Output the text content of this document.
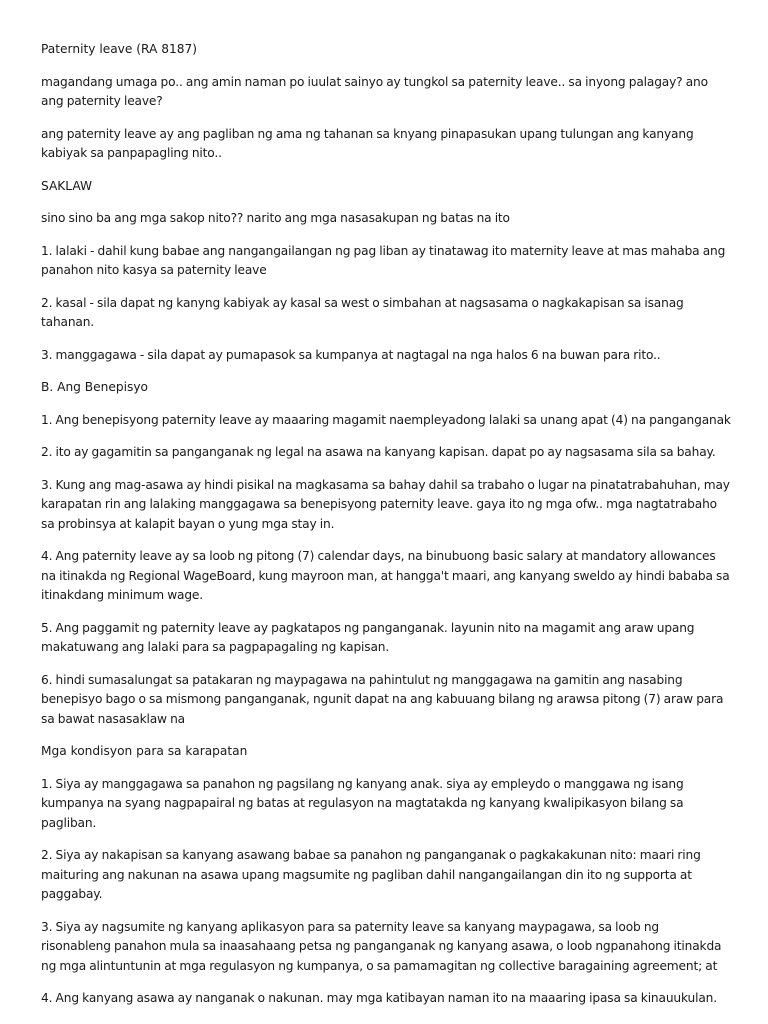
Paternity leave (RA 8187)

magandang umaga po.. ang amin naman po iuulat sainyo ay tungkol sa paternity leave.. sa inyong palagay? ano ang paternity leave?

ang paternity leave ay ang pagliban ng ama ng tahanan sa knyang pinapasukan upang tulungan ang kanyang kabiyak sa panpapagling nito..

SAKLAW

sino sino ba ang mga sakop nito?? narito ang mga nasasakupan ng batas na ito

1. lalaki - dahil kung babae ang nangangailangan ng pag liban ay tinatawag ito maternity leave at mas mahaba ang panahon nito kasya sa paternity leave

2. kasal - sila dapat ng kanyng kabiyak ay kasal sa west o simbahan at nagsasama o nagkakapisan sa isanag tahanan.

3. manggagawa - sila dapat ay pumapasok sa kumpanya at nagtagal na nga halos 6 na buwan para rito..

B. Ang Benepisyo

1. Ang benepisyong paternity leave ay maaaring magamit naempleyadong lalaki sa unang apat (4) na panganganak

2. ito ay gagamitin sa panganganak ng legal na asawa na kanyang kapisan. dapat po ay nagsasama sila sa bahay.

3. Kung ang mag-asawa ay hindi pisikal na magkasama sa bahay dahil sa trabaho o lugar na pinatatrabahuhan, may karapatan rin ang lalaking manggagawa sa benepisyong paternity leave. gaya ito ng mga ofw.. mga nagtatrabaho sa probinsya at kalapit bayan o yung mga stay in.

4. Ang paternity leave ay sa loob ng pitong (7) calendar days, na binubuong basic salary at mandatory allowances na itinakda ng Regional WageBoard, kung mayroon man, at hangga't maari, ang kanyang sweldo ay hindi bababa sa itinakdang minimum wage.

5. Ang paggamit ng paternity leave ay pagkatapos ng panganganak. layunin nito na magamit ang araw upang makatuwang ang lalaki para sa pagpapagaling ng kapisan.

6. hindi sumasalungat sa patakaran ng maypagawa na pahintulut ng manggagawa na gamitin ang nasabing benepisyo bago o sa mismong panganganak, ngunit dapat na ang kabuuang bilang ng arawsa pitong (7) araw para sa bawat nasasaklaw na

Mga kondisyon para sa karapatan

1. Siya ay manggagawa sa panahon ng pagsilang ng kanyang anak. siya ay empleydo o manggawa ng isang kumpanya na syang nagpapairal ng batas at regulasyon na magtatakda ng kanyang kwalipikasyon bilang sa pagliban.

2. Siya ay nakapisan sa kanyang asawang babae sa panahon ng panganganak o pagkakakunan nito: maari ring maituring ang nakunan na asawa upang magsumite ng pagliban dahil nangangailangan din ito ng supporta at paggabay.

3. Siya ay nagsumite ng kanyang aplikasyon para sa paternity leave sa kanyang maypagawa, sa loob ng risonableng panahon mula sa inaasahaang petsa ng panganganak ng kanyang asawa, o loob ngpanahong itinakda ng mga alintuntunin at mga regulasyon ng kumpanya, o sa pamamagitan ng collective baragaining agreement; at

4. Ang kanyang asawa ay nanganak o nakunan. may mga katibayan naman ito na maaaring ipasa sa kinauukulan.
